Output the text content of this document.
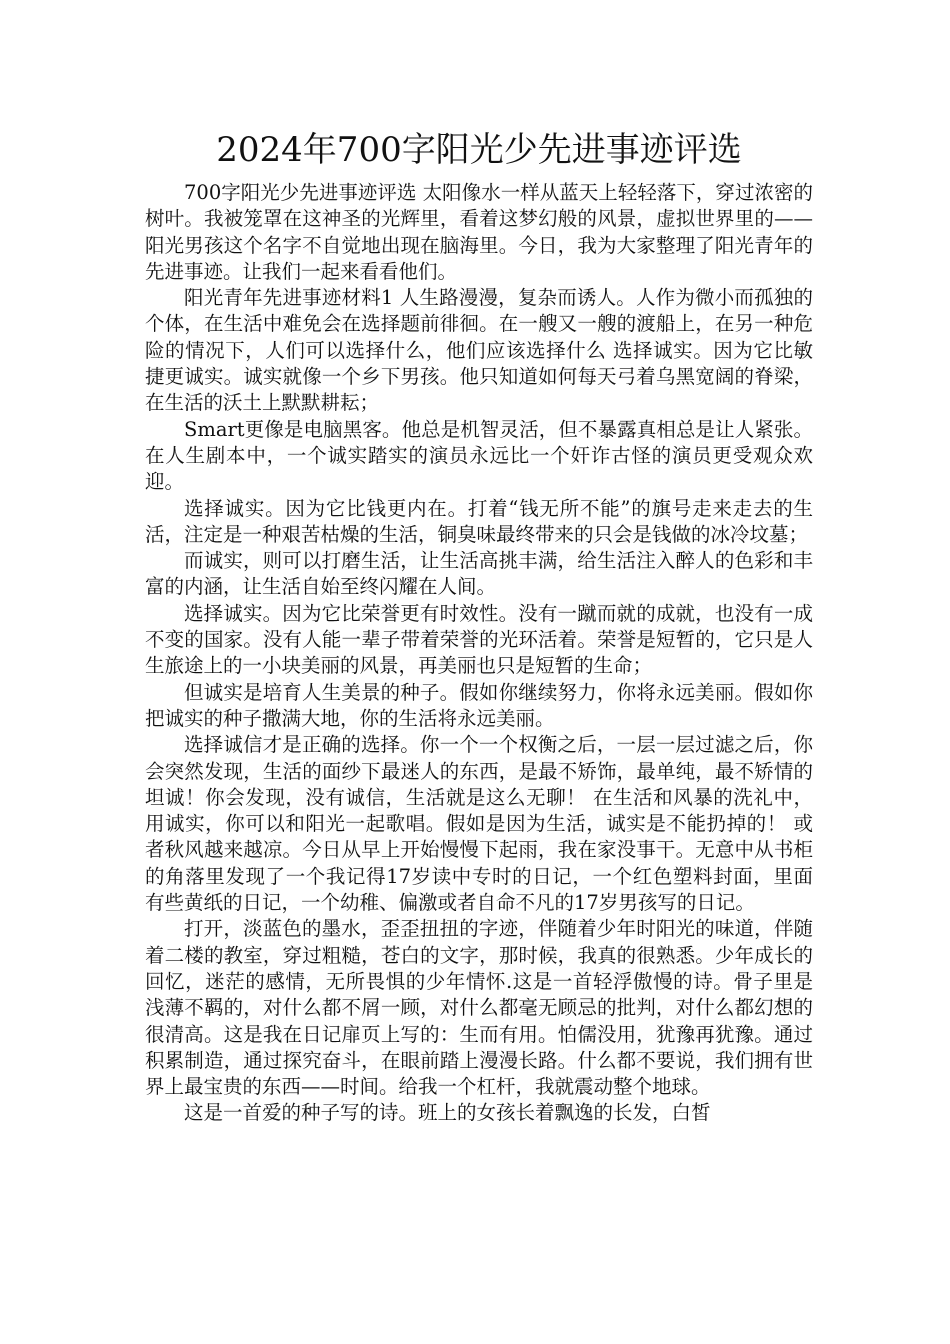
2024年700字阳光少先进事迹评选

700字阳光少先进事迹评选 太阳像水一样从蓝天上轻轻落下，穿过浓密的树叶。我被笼罩在这神圣的光辉里，看着这梦幻般的风景，虚拟世界里的——阳光男孩这个名字不自觉地出现在脑海里。今日，我为大家整理了阳光青年的先进事迹。让我们一起来看看他们。

阳光青年先进事迹材料1 人生路漫漫，复杂而诱人。人作为微小而孤独的个体，在生活中难免会在选择题前徘徊。在一艘又一艘的渡船上，在另一种危险的情况下，人们可以选择什么，他们应该选择什么 选择诚实。因为它比敏捷更诚实。诚实就像一个乡下男孩。他只知道如何每天弓着乌黑宽阔的脊梁，在生活的沃土上默默耕耘；

Smart更像是电脑黑客。他总是机智灵活，但不暴露真相总是让人紧张。在人生剧本中，一个诚实踏实的演员永远比一个奸诈古怪的演员更受观众欢迎。

选择诚实。因为它比钱更内在。打着“钱无所不能”的旗号走来走去的生活，注定是一种艰苦枯燥的生活，铜臭味最终带来的只会是钱做的冰冷坟墓；

而诚实，则可以打磨生活，让生活高挑丰满，给生活注入醉人的色彩和丰富的内涵，让生活自始至终闪耀在人间。

选择诚实。因为它比荣誉更有时效性。没有一蹴而就的成就，也没有一成不变的国家。没有人能一辈子带着荣誉的光环活着。荣誉是短暂的，它只是人生旅途上的一小块美丽的风景，再美丽也只是短暂的生命；

但诚实是培育人生美景的种子。假如你继续努力，你将永远美丽。假如你把诚实的种子撒满大地，你的生活将永远美丽。

选择诚信才是正确的选择。你一个一个权衡之后，一层一层过滤之后，你会突然发现，生活的面纱下最迷人的东西，是最不矫饰，最单纯，最不矫情的坦诚！你会发现，没有诚信，生活就是这么无聊！ 在生活和风暴的洗礼中，用诚实，你可以和阳光一起歌唱。假如是因为生活，诚实是不能扔掉的！ 或者秋风越来越凉。今日从早上开始慢慢下起雨，我在家没事干。无意中从书柜的角落里发现了一个我记得17岁读中专时的日记，一个红色塑料封面，里面有些黄纸的日记，一个幼稚、偏激或者自命不凡的17岁男孩写的日记。

打开，淡蓝色的墨水，歪歪扭扭的字迹，伴随着少年时阳光的味道，伴随着二楼的教室，穿过粗糙，苍白的文字，那时候，我真的很熟悉。少年成长的回忆，迷茫的感情，无所畏惧的少年情怀.这是一首轻浮傲慢的诗。骨子里是浅薄不羁的，对什么都不屑一顾，对什么都毫无顾忌的批判，对什么都幻想的很清高。这是我在日记扉页上写的：生而有用。怕儒没用，犹豫再犹豫。通过积累制造，通过探究奋斗，在眼前踏上漫漫长路。什么都不要说，我们拥有世界上最宝贵的东西——时间。给我一个杠杆，我就震动整个地球。

这是一首爱的种子写的诗。班上的女孩长着飘逸的长发，白皙
